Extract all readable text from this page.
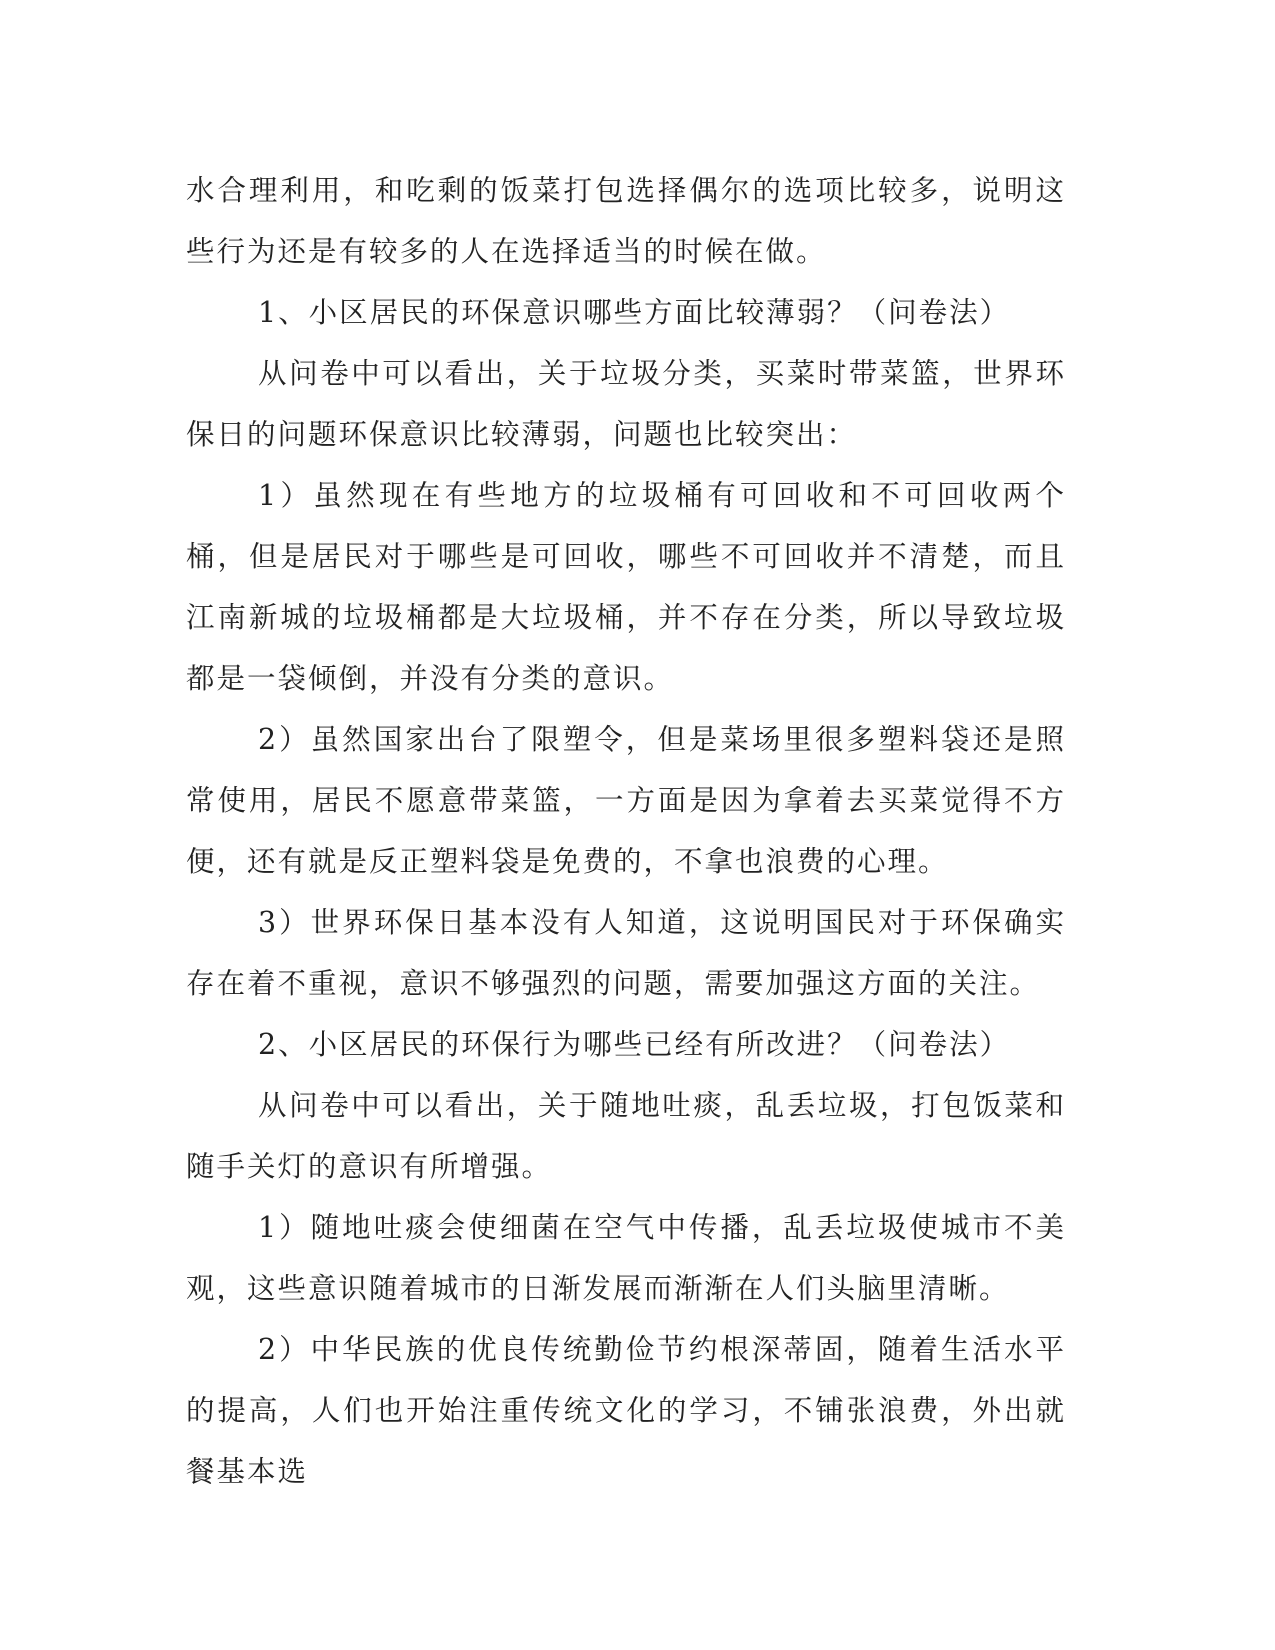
水合理利用，和吃剩的饭菜打包选择偶尔的选项比较多，说明这些行为还是有较多的人在选择适当的时候在做。

1、小区居民的环保意识哪些方面比较薄弱？（问卷法）

从问卷中可以看出，关于垃圾分类，买菜时带菜篮，世界环保日的问题环保意识比较薄弱，问题也比较突出：

1）虽然现在有些地方的垃圾桶有可回收和不可回收两个桶，但是居民对于哪些是可回收，哪些不可回收并不清楚，而且江南新城的垃圾桶都是大垃圾桶，并不存在分类，所以导致垃圾都是一袋倾倒，并没有分类的意识。

2）虽然国家出台了限塑令，但是菜场里很多塑料袋还是照常使用，居民不愿意带菜篮，一方面是因为拿着去买菜觉得不方便，还有就是反正塑料袋是免费的，不拿也浪费的心理。

3）世界环保日基本没有人知道，这说明国民对于环保确实存在着不重视，意识不够强烈的问题，需要加强这方面的关注。

2、小区居民的环保行为哪些已经有所改进？（问卷法）

从问卷中可以看出，关于随地吐痰，乱丢垃圾，打包饭菜和随手关灯的意识有所增强。

1）随地吐痰会使细菌在空气中传播，乱丢垃圾使城市不美观，这些意识随着城市的日渐发展而渐渐在人们头脑里清晰。

2）中华民族的优良传统勤俭节约根深蒂固，随着生活水平的提高，人们也开始注重传统文化的学习，不铺张浪费，外出就餐基本选
